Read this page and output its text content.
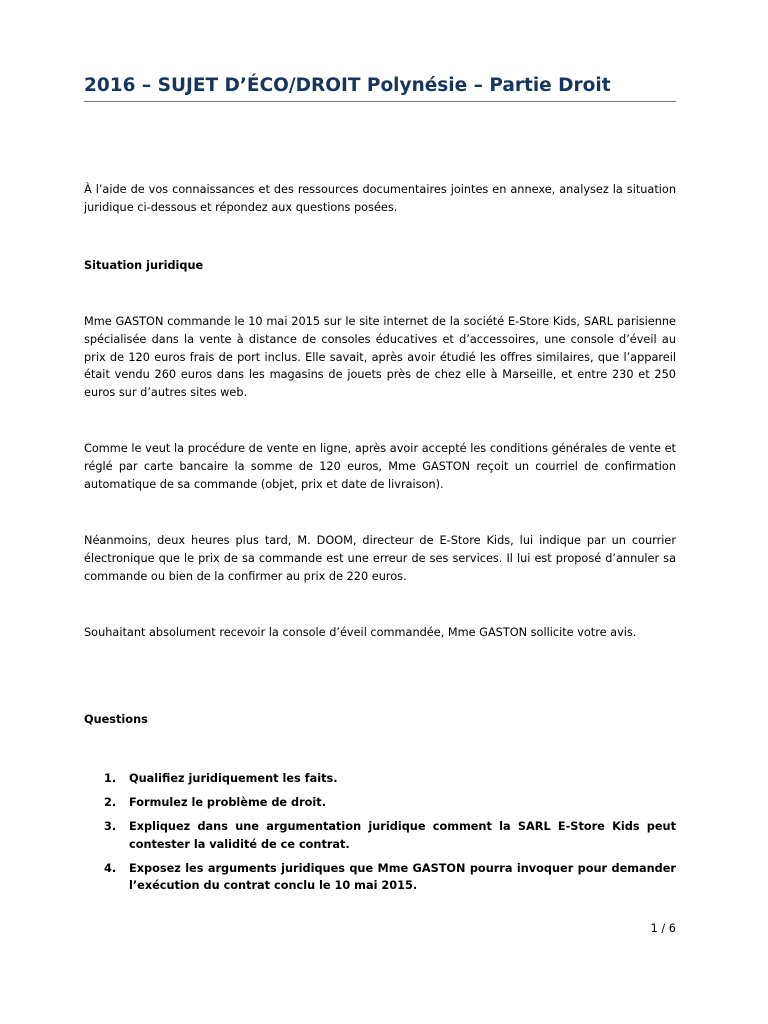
2016 – SUJET D’ÉCO/DROIT Polynésie – Partie Droit

À l’aide de vos connaissances et des ressources documentaires jointes en annexe, analysez la situation juridique ci-dessous et répondez aux questions posées.

Situation juridique

Mme GASTON commande le 10 mai 2015 sur le site internet de la société E-Store Kids, SARL parisienne spécialisée dans la vente à distance de consoles éducatives et d’accessoires, une console d’éveil au prix de 120 euros frais de port inclus. Elle savait, après avoir étudié les offres similaires, que l’appareil était vendu 260 euros dans les magasins de jouets près de chez elle à Marseille, et entre 230 et 250 euros sur d’autres sites web.

Comme le veut la procédure de vente en ligne, après avoir accepté les conditions générales de vente et réglé par carte bancaire la somme de 120 euros, Mme GASTON reçoit un courriel de confirmation automatique de sa commande (objet, prix et date de livraison).

Néanmoins, deux heures plus tard, M. DOOM, directeur de E-Store Kids, lui indique par un courrier électronique que le prix de sa commande est une erreur de ses services. Il lui est proposé d’annuler sa commande ou bien de la confirmer au prix de 220 euros.

Souhaitant absolument recevoir la console d’éveil commandée, Mme GASTON sollicite votre avis.

Questions

1. Qualifiez juridiquement les faits.
2. Formulez le problème de droit.
3. Expliquez dans une argumentation juridique comment la SARL E-Store Kids peut contester la validité de ce contrat.
4. Exposez les arguments juridiques que Mme GASTON pourra invoquer pour demander l’exécution du contrat conclu le 10 mai 2015.

1 / 6
